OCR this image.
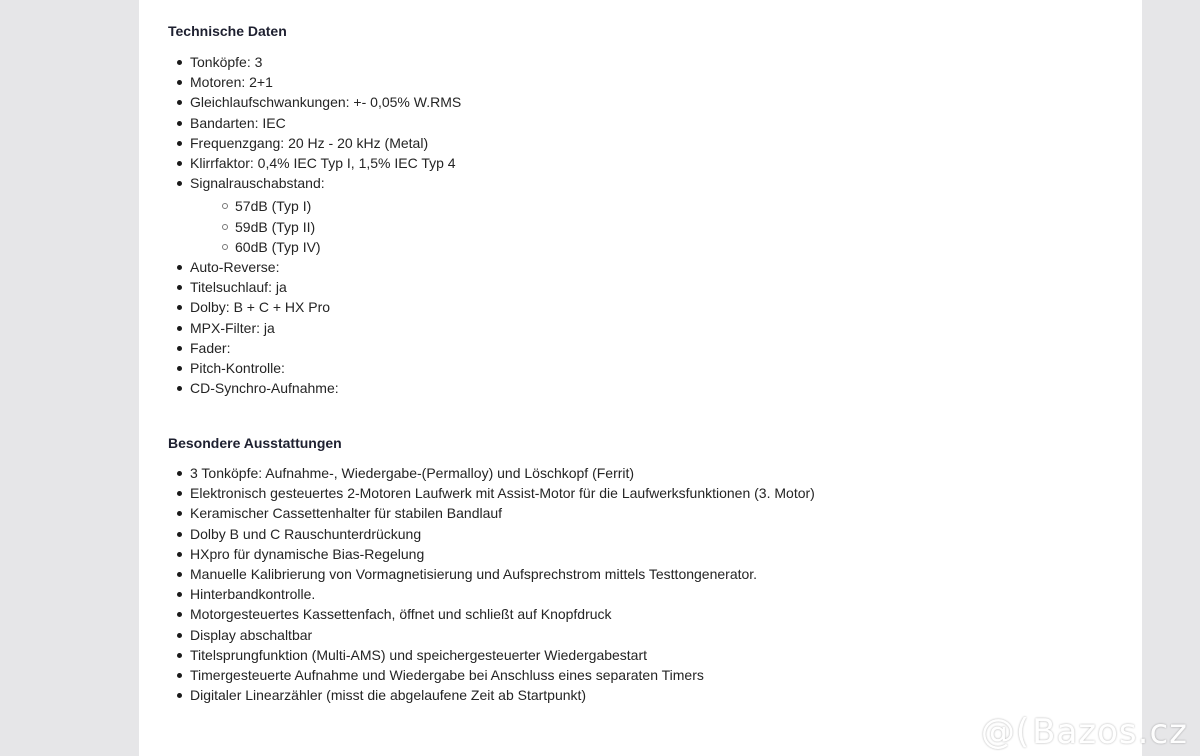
Technische Daten
Tonköpfe: 3
Motoren: 2+1
Gleichlaufschwankungen: +- 0,05% W.RMS
Bandarten: IEC
Frequenzgang: 20 Hz - 20 kHz (Metal)
Klirrfaktor: 0,4% IEC Typ I, 1,5% IEC Typ 4
Signalrauschabstand:
57dB (Typ I)
59dB (Typ II)
60dB (Typ IV)
Auto-Reverse:
Titelsuchlauf: ja
Dolby: B + C + HX Pro
MPX-Filter: ja
Fader:
Pitch-Kontrolle:
CD-Synchro-Aufnahme:
Besondere Ausstattungen
3 Tonköpfe: Aufnahme-, Wiedergabe-(Permalloy) und Löschkopf (Ferrit)
Elektronisch gesteuertes 2-Motoren Laufwerk mit Assist-Motor für die Laufwerksfunktionen (3. Motor)
Keramischer Cassettenhalter für stabilen Bandlauf
Dolby B und C Rauschunterdrückung
HXpro für dynamische Bias-Regelung
Manuelle Kalibrierung von Vormagnetisierung und Aufsprechstrom mittels Testtongenerator.
Hinterbandkontrolle.
Motorgesteuertes Kassettenfach, öffnet und schließt auf Knopfdruck
Display abschaltbar
Titelsprungfunktion (Multi-AMS) und speichergesteuerter Wiedergabestart
Timergesteuerte Aufnahme und Wiedergabe bei Anschluss eines separaten Timers
Digitaler Linearzähler (misst die abgelaufene Zeit ab Startpunkt)
@( Bazos.cz
